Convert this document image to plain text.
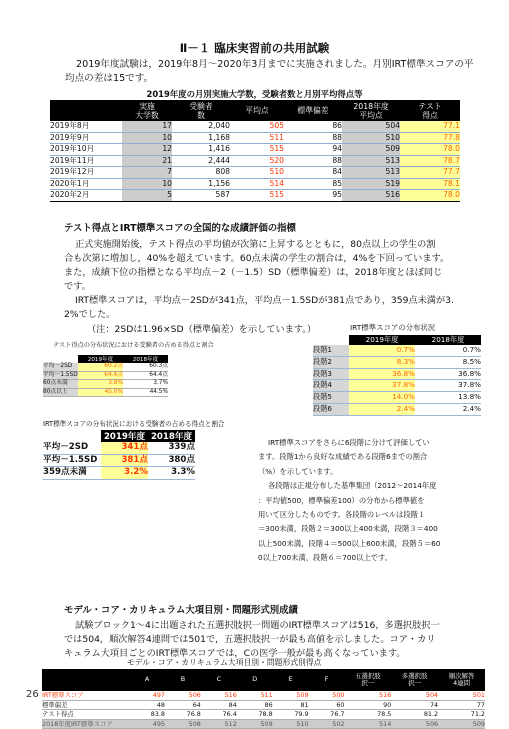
Ⅱ－１ 臨床実習前の共用試験
2019年度試験は，2019年8月～2020年3月までに実施されました。月別IRT標準スコアの平
均点の差は15です。
2019年度の月別実施大学数，受験者数と月別平均得点等
	実施
大学数	受験者
数	平均点	標準偏差	2018年度
平均点	テスト
得点
2019年8月	17	2,040	505	86	504	77.1
2019年9月	10	1,168	511	88	510	77.8
2019年10月	12	1,416	515	94	509	78.0
2019年11月	21	2,444	520	88	513	78.7
2019年12月	7	808	510	84	513	77.7
2020年1月	10	1,156	514	85	519	78.1
2020年2月	5	587	515	95	516	78.0
テスト得点とIRT標準スコアの全国的な成績評価の指標
正式実施開始後，テスト得点の平均値が次第に上昇するとともに，80点以上の学生の割
合も次第に増加し，40%を超えています。60点未満の学生の割合は，4%を下回っています。
また，成績下位の指標となる平均点－2（－1.5）SD（標準偏差）は，2018年度とほぼ同じ
です。
IRT標準スコアは，平均点－2SDが341点，平均点－1.5SDが381点であり，359点未満が3.
2%でした。
（注：2SDは1.96×SD（標準偏差）を示しています。）	IRT標準スコアの分布状況
	2019年度	2018年度
段階1	0.7%	0.7%
段階2	8.3%	8.5%
段階3	36.8%	36.8%
段階4	37.8%	37.8%
段階5	14.0%	13.8%
段階6	2.4%	2.4%
テスト得点の分布状況における受験者の占める得点と割合
	2019年度	2018年度
平均－2SD	60.2点	60.3点
平均－1.5SD	64.4点	64.4点
60点未満	3.8%	3.7%
80点以上	45.0%	44.5%
IRT標準スコアの分布状況における受験者の占める得点と割合
	2019年度	2018年度
平均－2SD	341点	339点
平均－1.5SD	381点	380点
359点未満	3.2%	3.3%
IRT標準スコアをさらに6段階に分けて評価してい
ます。段階1から良好な成績である段階6までの割合
（%）を示しています。
各段階は正規分布した基準集団（2012～2014年度
：平均値500，標準偏差100）の分布から標準値を
用いて区分したものです。各段階のレベルは段階１
＝300未満，段階２＝300以上400未満，段階３＝400
以上500未満，段階４＝500以上600未満，段階５＝60
0以上700未満，段階６＝700以上です。
モデル・コア・カリキュラム大項目別・問題形式別成績
試験ブロック1～4に出題された五選択肢択一問題のIRT標準スコアは516，多選択肢択一
では504，順次解答4連問では501で，五選択肢択一が最も高値を示しました。コア・カリ
キュラム大項目ごとのIRT標準スコアでは，Cの医学一般が最も高くなっています。
モデル・コア・カリキュラム大項目別・問題形式別得点
	A	B	C	D	E	F	五選択肢
択一	多選択肢
択一	順次解答
4連問
IRT標準スコア	497	506	516	511	509	500	516	504	501
標準偏差	48	64	84	86	81	60	90	74	77
テスト得点	83.8	76.8	76.4	78.8	79.9	76.7	78.5	81.2	71.2
2018年度IRT標準スコア	495	508	512	509	510	502	514	506	509
26
